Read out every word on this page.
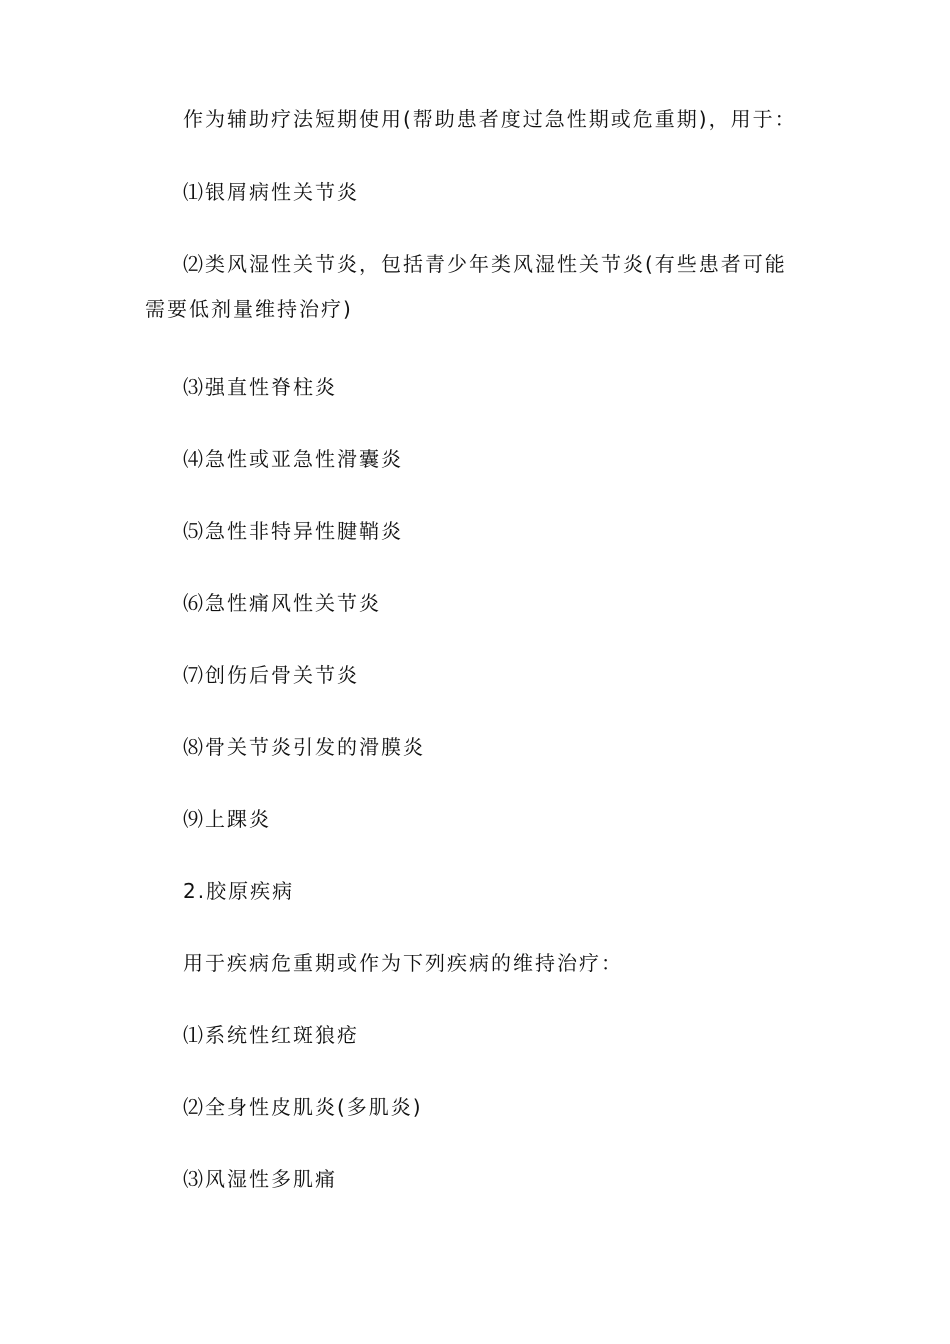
作为辅助疗法短期使用(帮助患者度过急性期或危重期)，用于：

⑴银屑病性关节炎

⑵类风湿性关节炎，包括青少年类风湿性关节炎(有些患者可能需要低剂量维持治疗)

⑶强直性脊柱炎

⑷急性或亚急性滑囊炎

⑸急性非特异性腱鞘炎

⑹急性痛风性关节炎

⑺创伤后骨关节炎

⑻骨关节炎引发的滑膜炎

⑼上踝炎

2.胶原疾病

用于疾病危重期或作为下列疾病的维持治疗：

⑴系统性红斑狼疮

⑵全身性皮肌炎(多肌炎)

⑶风湿性多肌痛
